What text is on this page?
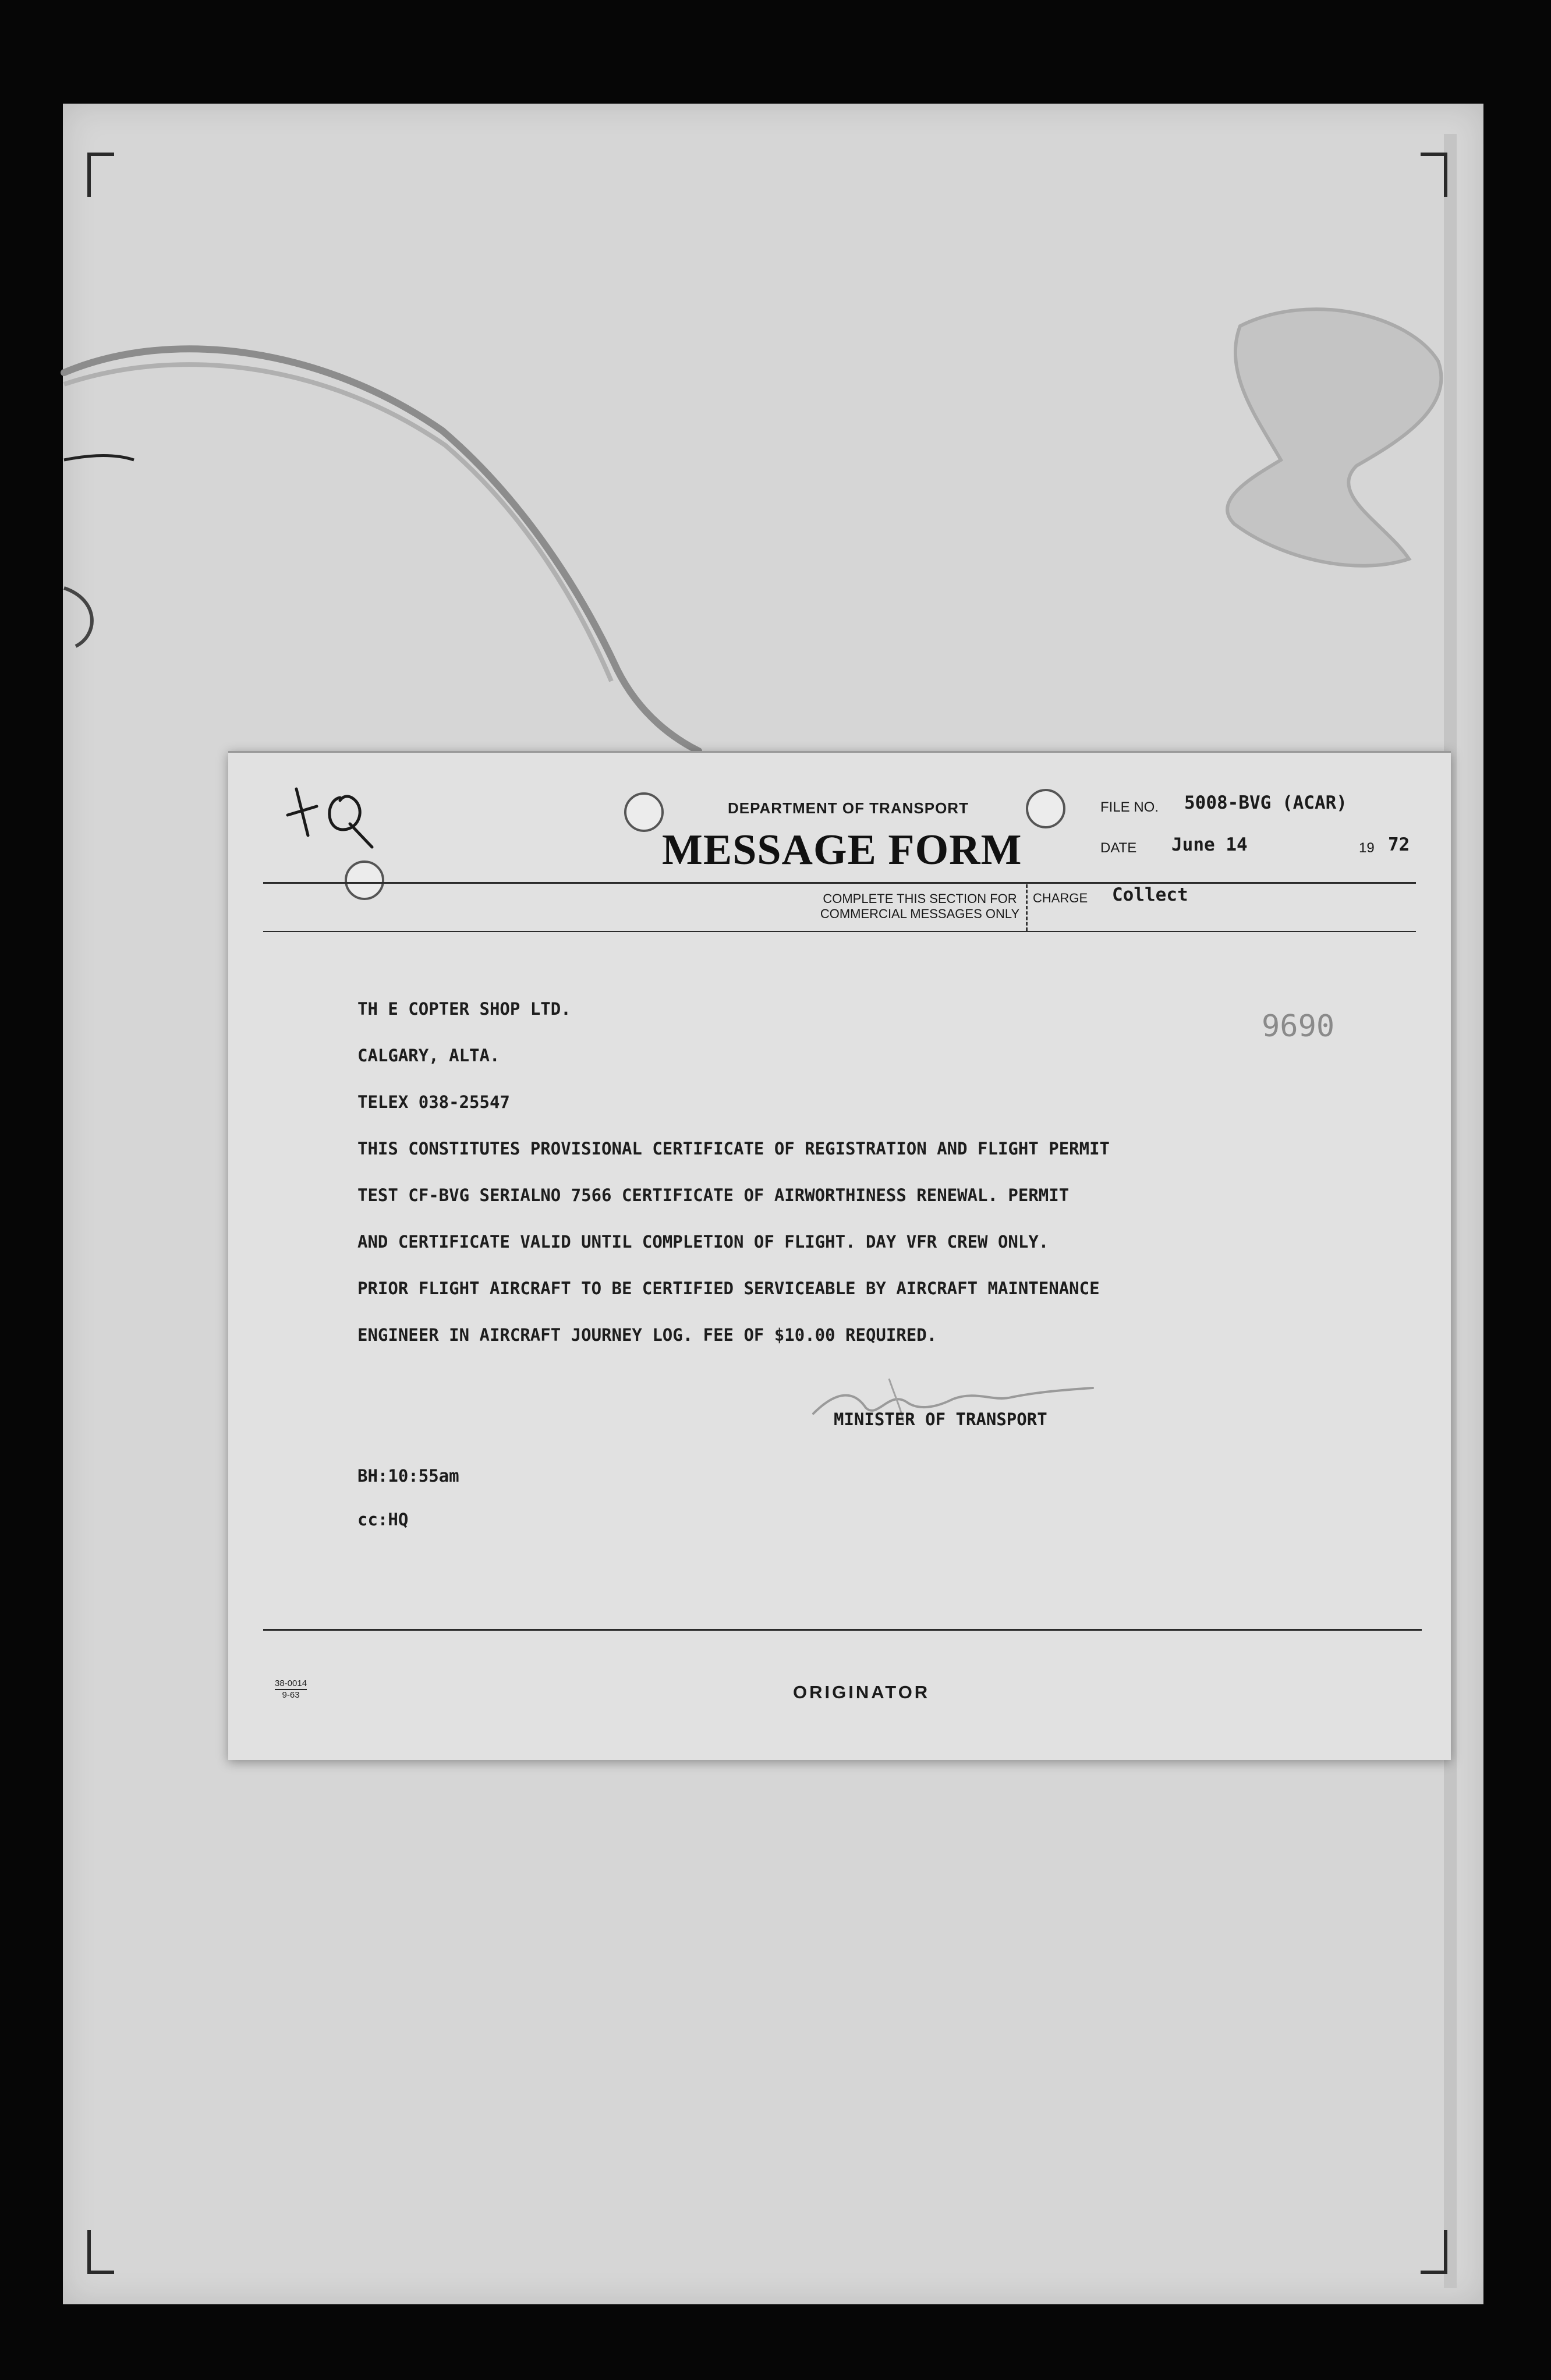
DEPARTMENT OF TRANSPORT
MESSAGE FORM
FILE NO. 5008-BVG (ACAR)
DATE June 14	19 72
COMPLETE THIS SECTION FOR
COMMERCIAL MESSAGES ONLY
CHARGE Collect
9690
TH E COPTER SHOP LTD.
CALGARY, ALTA.
TELEX 038-25547
THIS CONSTITUTES PROVISIONAL CERTIFICATE OF REGISTRATION AND FLIGHT PERMIT
TEST CF-BVG SERIALNO 7566 CERTIFICATE OF AIRWORTHINESS RENEWAL. PERMIT
AND CERTIFICATE VALID UNTIL COMPLETION OF FLIGHT. DAY VFR CREW ONLY.
PRIOR FLIGHT AIRCRAFT TO BE CERTIFIED SERVICEABLE BY AIRCRAFT MAINTENANCE
ENGINEER IN AIRCRAFT JOURNEY LOG. FEE OF $10.00 REQUIRED.
MINISTER OF TRANSPORT
BH:10:55am
cc:HQ
38-0014
9-63	ORIGINATOR
